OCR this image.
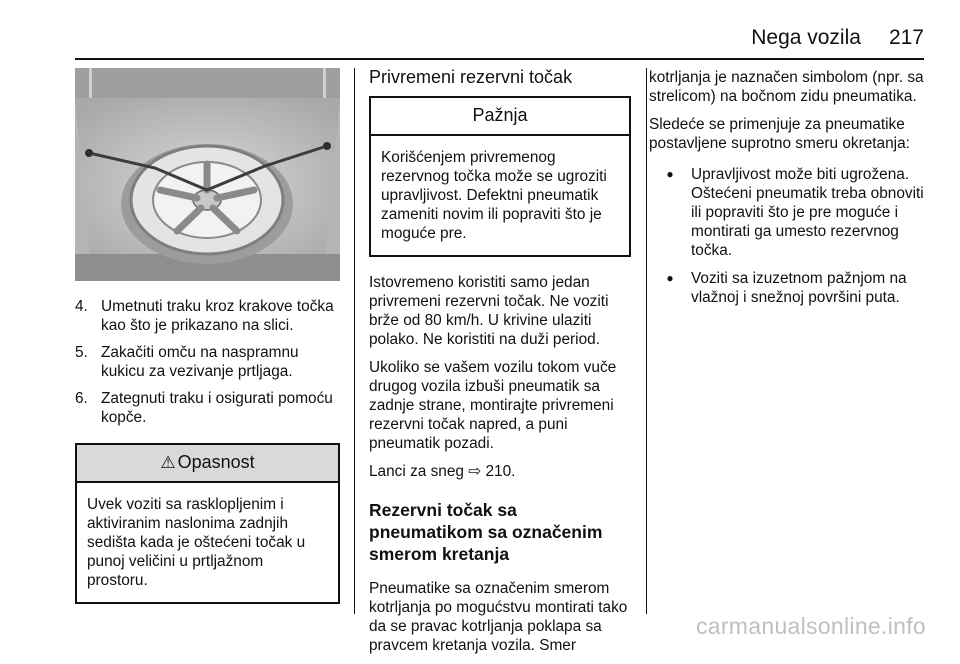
Nega vozila 217
4. Umetnuti traku kroz krakove točka kao što je prikazano na slici.
5. Zakačiti omču na naspramnu kukicu za vezivanje prtljaga.
6. Zategnuti traku i osigurati pomoću kopče.
⚠ Opasnost
Uvek voziti sa rasklopljenim i aktiviranim naslonima zadnjih sedišta kada je oštećeni točak u punoj veličini u prtljažnom prostoru.
Privremeni rezervni točak
Pažnja
Korišćenjem privremenog rezervnog točka može se ugroziti upravljivost. Defektni pneumatik zameniti novim ili popraviti što je moguće pre.

Istovremeno koristiti samo jedan privremeni rezervni točak. Ne voziti brže od 80 km/h. U krivine ulaziti polako. Ne koristiti na duži period.

Ukoliko se vašem vozilu tokom vuče drugog vozila izbuši pneumatik sa zadnje strane, montirajte privremeni rezervni točak napred, a puni pneumatik pozadi.

Lanci za sneg ⇨ 210.

Rezervni točak sa pneumatikom sa označenim smerom kretanja

Pneumatike sa označenim smerom kotrljanja po mogućstvu montirati tako da se pravac kotrljanja poklapa sa pravcem kretanja vozila. Smer

kotrljanja je naznačen simbolom (npr. sa strelicom) na bočnom zidu pneumatika.

Sledeće se primenjuje za pneumatike postavljene suprotno smeru okretanja:

●	Upravljivost može biti ugrožena. Oštećeni pneumatik treba obnoviti ili popraviti što je pre moguće i montirati ga umesto rezervnog točka.
●	Voziti sa izuzetnom pažnjom na vlažnoj i snežnoj površini puta.
carmanualsonline.info
